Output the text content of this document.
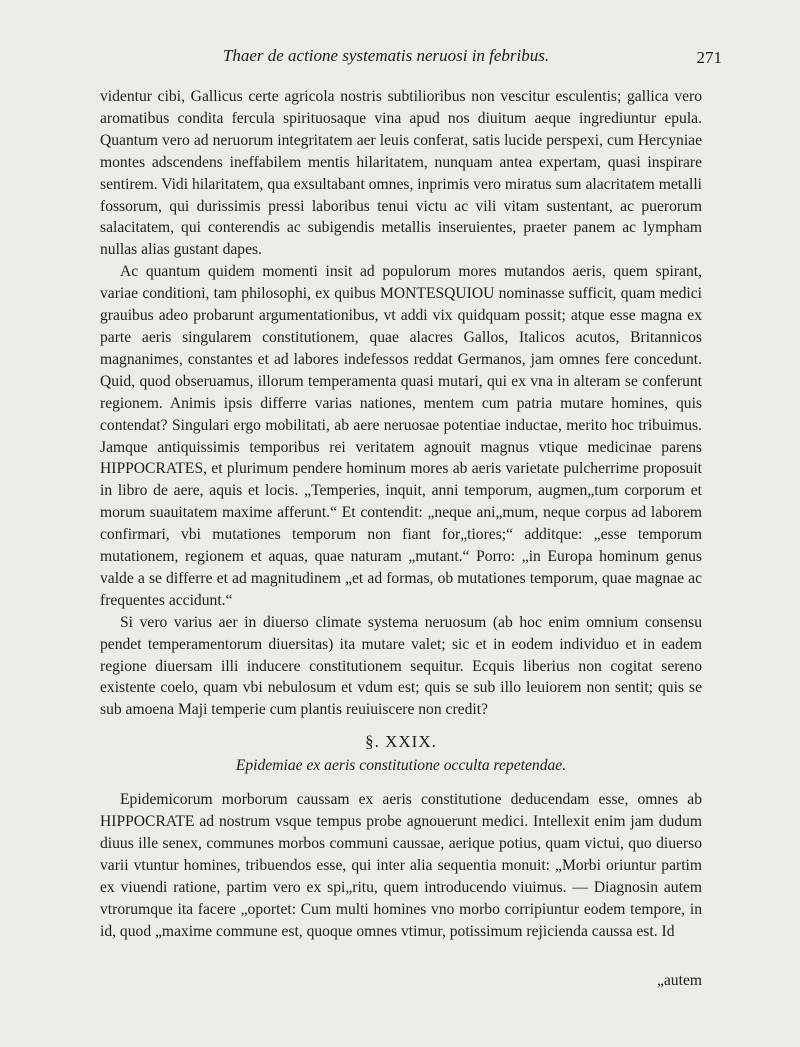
Thaer de actione systematis neruosi in febribus.	271

videntur cibi, Gallicus certe agricola nostris subtilioribus non vescitur esculentis; gallica vero aromatibus condita fercula spirituosaque vina apud nos diuitum aeque ingrediuntur epula. Quantum vero ad neruorum integritatem aer leuis conferat, satis lucide perspexi, cum Hercyniae montes adscendens ineffabilem mentis hilaritatem, nunquam antea expertam, quasi inspirare sentirem. Vidi hilaritatem, qua exsultabant omnes, inprimis vero miratus sum alacritatem metalli fossorum, qui durissimis pressi laboribus tenui victu ac vili vitam sustentant, ac puerorum salacitatem, qui conterendis ac subigendis metallis inseruientes, praeter panem ac lympham nullas alias gustant dapes.

Ac quantum quidem momenti insit ad populorum mores mutandos aeris, quem spirant, variae conditioni, tam philosophi, ex quibus MONTESQUIOU nominasse sufficit, quam medici grauibus adeo probarunt argumentationibus, vt addi vix quidquam possit; atque esse magna ex parte aeris singularem constitutionem, quae alacres Gallos, Italicos acutos, Britannicos magnanimes, constantes et ad labores indefessos reddat Germanos, jam omnes fere concedunt. Quid, quod obseruamus, illorum temperamenta quasi mutari, qui ex vna in alteram se conferunt regionem. Animis ipsis differre varias nationes, mentem cum patria mutare homines, quis contendat? Singulari ergo mobilitati, ab aere neruosae potentiae inductae, merito hoc tribuimus. Jamque antiquissimis temporibus rei veritatem agnouit magnus vtique medicinae parens HIPPOCRATES, et plurimum pendere hominum mores ab aeris varietate pulcherrime proposuit in libro de aere, aquis et locis. „Temperies, inquit, anni temporum, augmen„tum corporum et morum suauitatem maxime afferunt.“ Et contendit: „neque ani„mum, neque corpus ad laborem confirmari, vbi mutationes temporum non fiant for„tiores;“ additque: „esse temporum mutationem, regionem et aquas, quae naturam „mutant.“ Porro: „in Europa hominum genus valde a se differre et ad magnitudinem „et ad formas, ob mutationes temporum, quae magnae ac frequentes accidunt.“

Si vero varius aer in diuerso climate systema neruosum (ab hoc enim omnium consensu pendet temperamentorum diuersitas) ita mutare valet; sic et in eodem individuo et in eadem regione diuersam illi inducere constitutionem sequitur. Ecquis liberius non cogitat sereno existente coelo, quam vbi nebulosum et vdum est; quis se sub illo leuiorem non sentit; quis se sub amoena Maji temperie cum plantis reuiuiscere non credit?

§. XXIX.
Epidemiae ex aeris constitutione occulta repetendae.

Epidemicorum morborum caussam ex aeris constitutione deducendam esse, omnes ab HIPPOCRATE ad nostrum vsque tempus probe agnouerunt medici. Intellexit enim jam dudum diuus ille senex, communes morbos communi caussae, aerique potius, quam victui, quo diuerso varii vtuntur homines, tribuendos esse, qui inter alia sequentia monuit: „Morbi oriuntur partim ex viuendi ratione, partim vero ex spi„ritu, quem introducendo viuimus. — Diagnosin autem vtrorumque ita facere „oportet: Cum multi homines vno morbo corripiuntur eodem tempore, in id, quod „maxime commune est, quoque omnes vtimur, potissimum rejicienda caussa est. Id

„autem
